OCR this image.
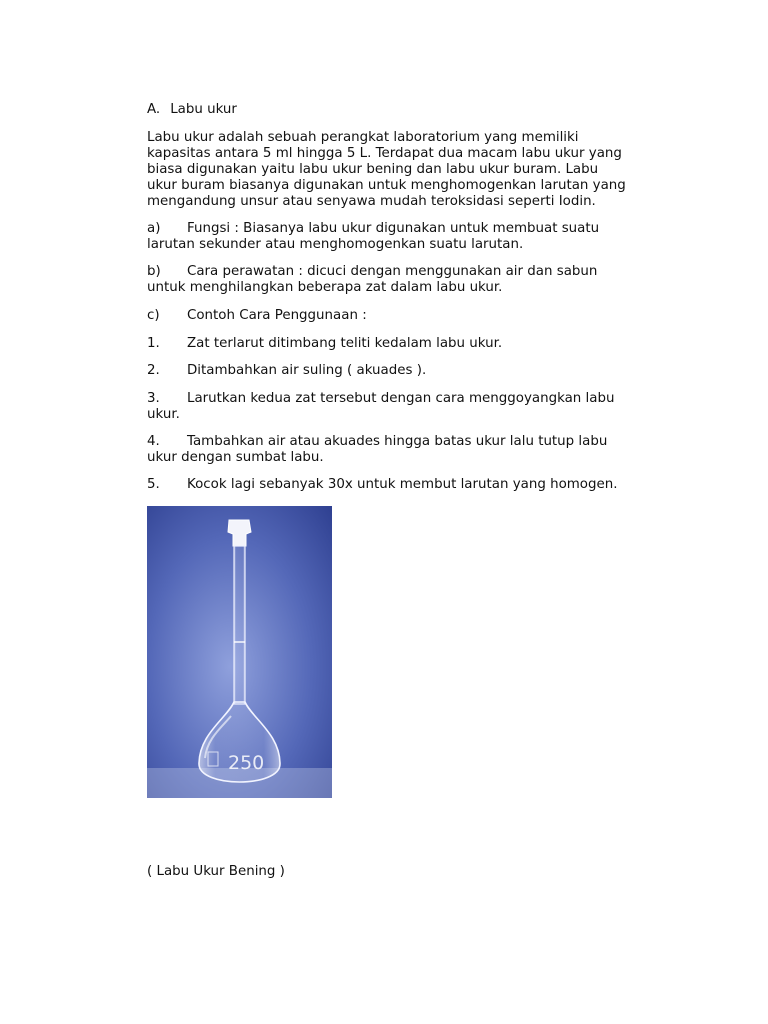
A. Labu ukur
Labu ukur adalah sebuah perangkat laboratorium yang memiliki
kapasitas antara 5 ml hingga 5 L. Terdapat dua macam labu ukur yang
biasa digunakan yaitu labu ukur bening dan labu ukur buram. Labu
ukur buram biasanya digunakan untuk menghomogenkan larutan yang
mengandung unsur atau senyawa mudah teroksidasi seperti Iodin.
a) Fungsi : Biasanya labu ukur digunakan untuk membuat suatu
larutan sekunder atau menghomogenkan suatu larutan.
b) Cara perawatan : dicuci dengan menggunakan air dan sabun
untuk menghilangkan beberapa zat dalam labu ukur.
c) Contoh Cara Penggunaan :
1. Zat terlarut ditimbang teliti kedalam labu ukur.
2. Ditambahkan air suling ( akuades ).
3. Larutkan kedua zat tersebut dengan cara menggoyangkan labu
ukur.
4. Tambahkan air atau akuades hingga batas ukur lalu tutup labu
ukur dengan sumbat labu.
5. Kocok lagi sebanyak 30x untuk membut larutan yang homogen.
250
( Labu Ukur Bening )
